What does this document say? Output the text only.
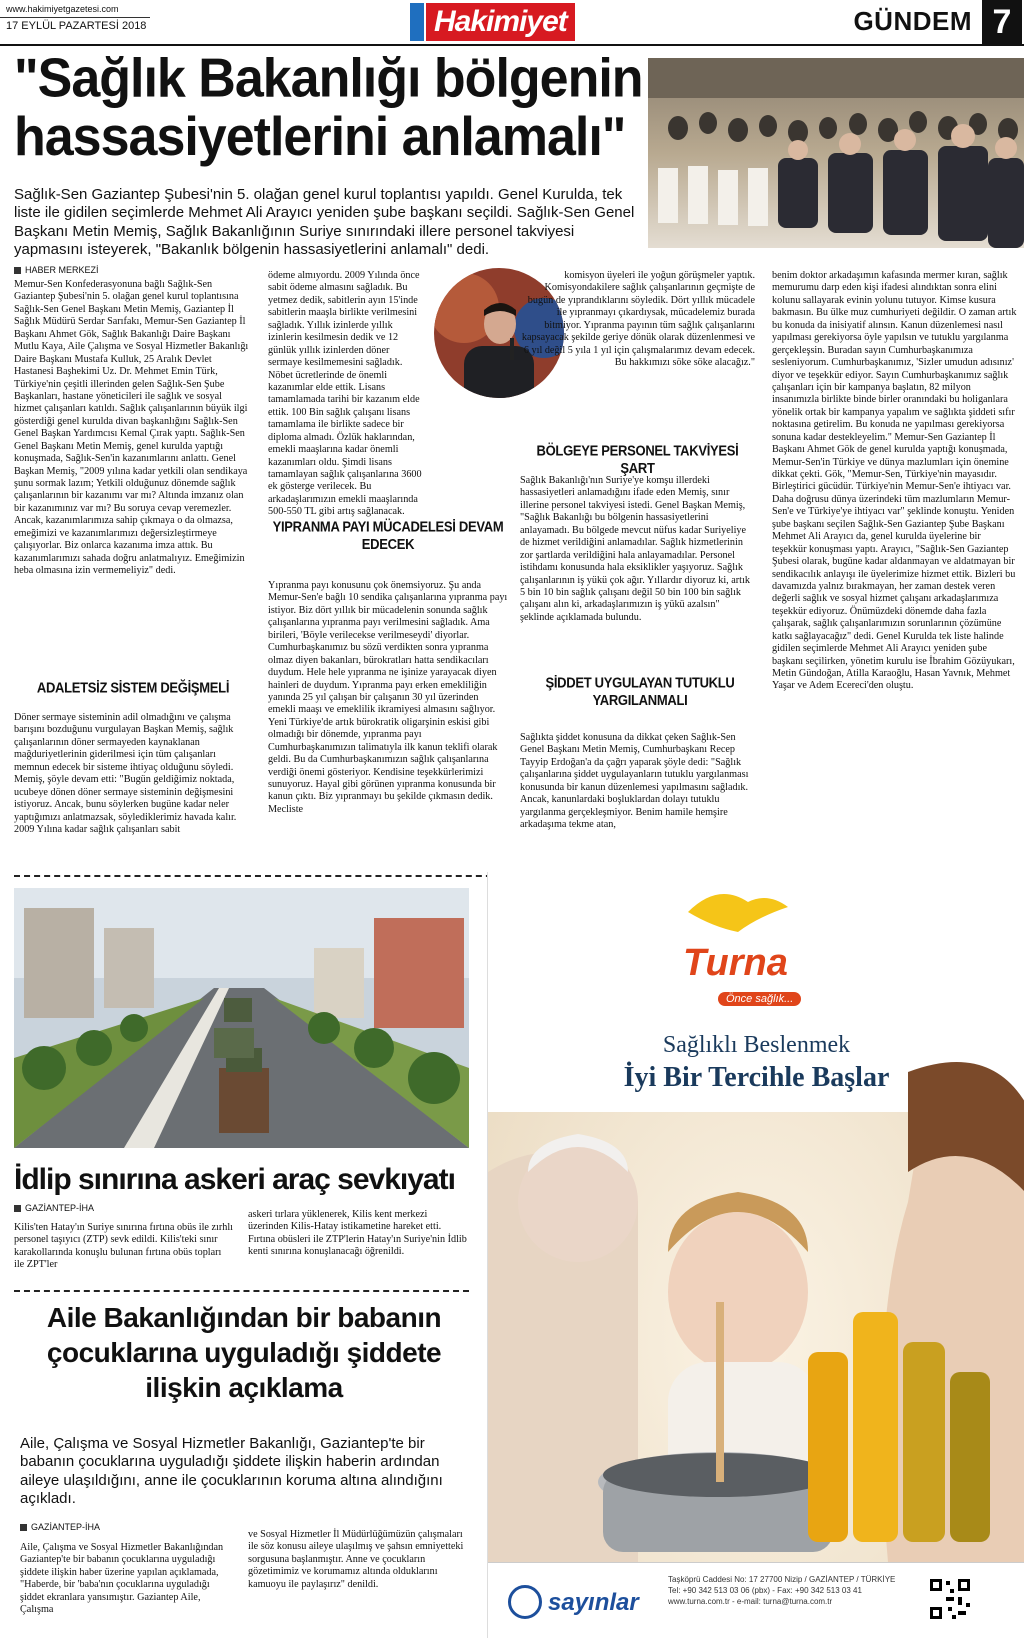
www.hakimiyetgazetesi.com
17 EYLÜL PAZARTESİ 2018	Hakimiyet	GÜNDEM 7
"Sağlık Bakanlığı bölgenin hassasiyetlerini anlamalı"
Sağlık-Sen Gaziantep Şubesi'nin 5. olağan genel kurul toplantısı yapıldı. Genel Kurulda, tek liste ile gidilen seçimlerde Mehmet Ali Arayıcı yeniden şube başkanı seçildi. Sağlık-Sen Genel Başkanı Metin Memiş, Sağlık Bakanlığının Suriye sınırındaki illere personel takviyesi yapmasını isteyerek, "Bakanlık bölgenin hassasiyetlerini anlamalı" dedi.
HABER MERKEZİ

Memur-Sen Konfederasyonuna bağlı Sağlık-Sen Gaziantep Şubesi'nin 5. olağan genel kurul toplantısına Sağlık-Sen Genel Başkanı Metin Memiş, Gaziantep İl Sağlık Müdürü Serdar Sarıfakı, Memur-Sen Gaziantep İl Başkanı Ahmet Gök, Sağlık Bakanlığı Daire Başkanı Mutlu Kaya, Aile Çalışma ve Sosyal Hizmetler Bakanlığı Daire Başkanı Mustafa Kulluk, 25 Aralık Devlet Hastanesi Başhekimi Uz. Dr. Mehmet Emin Türk, Türkiye'nin çeşitli illerinden gelen Sağlık-Sen Şube Başkanları, hastane yöneticileri ile sağlık ve sosyal hizmet çalışanları katıldı. Sağlık çalışanlarının büyük ilgi gösterdiği genel kurulda divan başkanlığını Sağlık-Sen Genel Başkan Yardımcısı Kemal Çırak yaptı. Sağlık-Sen Genel Başkanı Metin Memiş, genel kurulda yaptığı konuşmada, Sağlık-Sen'in kazanımlarını anlattı. Genel Başkan Memiş, "2009 yılına kadar yetkili olan sendikaya şunu sormak lazım; Yetkili olduğunuz dönemde sağlık çalışanlarının bir kazanımı var mı? Altında imzanız olan bir kazanımınız var mı? Bu soruya cevap veremezler. Ancak, kazanımlarımıza sahip çıkmaya o da olmazsa, emeğimizi ve kazanımlarımızı değersizleştirmeye çalışıyorlar. Biz onlarca kazanıma imza attık. Bu kazanımlarımızı sahada doğru anlatmalıyız. Emeğimizin heba olmasına izin vermemeliyiz" dedi.

ADALETSİZ SİSTEM DEĞİŞMELİ

Döner sermaye sisteminin adil olmadığını ve çalışma barışını bozduğunu vurgulayan Başkan Memiş, sağlık çalışanlarının döner sermayeden kaynaklanan mağduriyetlerinin giderilmesi için tüm çalışanları memnun edecek bir sisteme ihtiyaç olduğunu söyledi. Memiş, şöyle devam etti: "Bugün geldiğimiz noktada, ucubeye dönen döner sermaye sisteminin değişmesini istiyoruz. Ancak, bunu söylerken bugüne kadar neler yaptığımızı anlatmazsak, söylediklerimiz havada kalır. 2009 Yılına kadar sağlık çalışanları sabit

ödeme almıyordu. 2009 Yılında önce sabit ödeme almasını sağladık. Bu yetmez dedik, sabitlerin ayın 15'inde sabitlerin maaşla birlikte verilmesini sağladık. Yıllık izinlerde yıllık izinlerin kesilmesin dedik ve 12 günlük yıllık izinlerden döner sermaye kesilmemesini sağladık. Nöbet ücretlerinde de önemli kazanımlar elde ettik. Lisans tamamlamada tarihi bir kazanım elde ettik. 100 Bin sağlık çalışanı lisans tamamlama ile birlikte sadece bir diploma almadı. Özlük haklarından, emekli maaşlarına kadar önemli kazanımları oldu. Şimdi lisans tamamlayan sağlık çalışanlarına 3600 ek gösterge verilecek. Bu arkadaşlarımızın emekli maaşlarında 500-550 TL gibi artış sağlanacak.

komisyon üyeleri ile yoğun görüşmeler yaptık. Komisyondakilere sağlık çalışanlarının geçmişte de bugün de yıprandıklarını söyledik. Dört yıllık mücadele ile yıpranmayı çıkardıysak, mücadelemiz burada bitmiyor. Yıpranma payının tüm sağlık çalışanlarını kapsayacak şekilde geriye dönük olarak düzenlenmesi ve 6 yıl değil 5 yıla 1 yıl için çalışmalarımız devam edecek. Bu hakkımızı söke söke alacağız."

YIPRANMA PAYI MÜCADELESİ DEVAM EDECEK

Yıpranma payı konusunu çok önemsiyoruz. Şu anda Memur-Sen'e bağlı 10 sendika çalışanlarına yıpranma payı istiyor. Biz dört yıllık bir mücadelenin sonunda sağlık çalışanlarına yıpranma payı verilmesini sağladık. Ama birileri, 'Böyle verilecekse verilmeseydi' diyorlar. Cumhurbaşkanımız bu sözü verdikten sonra yıpranma olmaz diyen bakanları, bürokratları hatta sendikacıları duydum. Hele hele yıpranma ne işinize yarayacak diyen hainleri de duydum. Yıpranma payı erken emekliliğin yanında 25 yıl çalışan bir çalışanın 30 yıl üzerinden emekli maaşı ve emeklilik ikramiyesi almasını sağlıyor. Yeni Türkiye'de artık bürokratik oligarşinin eskisi gibi olmadığı bir dönemde, yıpranma payı Cumhurbaşkanımızın talimatıyla ilk kanun teklifi olarak geldi. Bu da Cumhurbaşkanımızın sağlık çalışanlarına verdiği önemi gösteriyor. Kendisine teşekkürlerimizi sunuyoruz. Hayal gibi görünen yıpranma konusunda bir kanun çıktı. Biz yıpranmayı bu şekilde çıkmasın dedik. Mecliste

BÖLGEYE PERSONEL TAKVİYESİ ŞART

Sağlık Bakanlığı'nın Suriye'ye komşu illerdeki hassasiyetleri anlamadığını ifade eden Memiş, sınır illerine personel takviyesi istedi. Genel Başkan Memiş, "Sağlık Bakanlığı bu bölgenin hassasiyetlerini anlayamadı. Bu bölgede mevcut nüfus kadar Suriyeliye de hizmet verildiğini anlamadılar. Sağlık hizmetlerinin zor şartlarda verildiğini hala anlayamadılar. Personel istihdamı konusunda hala eksiklikler yaşıyoruz. Sağlık çalışanlarının iş yükü çok ağır. Yıllardır diyoruz ki, artık 5 bin 10 bin sağlık çalışanı değil 50 bin 100 bin sağlık çalışanı alın ki, arkadaşlarımızın iş yükü azalsın" şeklinde açıklamada bulundu.

ŞİDDET UYGULAYAN TUTUKLU YARGILANMALI

Sağlıkta şiddet konusuna da dikkat çeken Sağlık-Sen Genel Başkanı Metin Memiş, Cumhurbaşkanı Recep Tayyip Erdoğan'a da çağrı yaparak şöyle dedi: "Sağlık çalışanlarına şiddet uygulayanların tutuklu yargılanması konusunda bir kanun düzenlemesi yapılmasını sağladık. Ancak, kanunlardaki boşluklardan dolayı tutuklu yargılanma gerçekleşmiyor. Benim hamile hemşire arkadaşıma tekme atan,

benim doktor arkadaşımın kafasında mermer kıran, sağlık memurumu darp eden kişi ifadesi alındıktan sonra elini kolunu sallayarak evinin yolunu tutuyor. Kimse kusura bakmasın. Bu ülke muz cumhuriyeti değildir. O zaman artık bu konuda da inisiyatif alınsın. Kanun düzenlemesi nasıl yapılması gerekiyorsa öyle yapılsın ve tutuklu yargılanma gerçekleşsin. Buradan sayın Cumhurbaşkanımıza sesleniyorum. Cumhurbaşkanımız, 'Sizler umudun adısınız' diyor ve teşekkür ediyor. Sayın Cumhurbaşkanımız sağlık çalışanları için bir kampanya başlatın, 82 milyon insanımızla birlikte binde birler oranındaki bu holiganlara yönelik ortak bir kampanya yapalım ve sağlıkta şiddeti sıfır noktasına getirelim. Bu konuda ne yapılması gerekiyorsa sonuna kadar destekleyelim." Memur-Sen Gaziantep İl Başkanı Ahmet Gök de genel kurulda yaptığı konuşmada, Memur-Sen'in Türkiye ve dünya mazlumları için önemine dikkat çekti. Gök, "Memur-Sen, Türkiye'nin mayasıdır. Birleştirici gücüdür. Türkiye'nin Memur-Sen'e ihtiyacı var. Daha doğrusu dünya üzerindeki tüm mazlumların Memur-Sen'e ve Türkiye'ye ihtiyacı var" şeklinde konuştu. Yeniden şube başkanı seçilen Sağlık-Sen Gaziantep Şube Başkanı Mehmet Ali Arayıcı da, genel kurulda üyelerine bir teşekkür konuşması yaptı. Arayıcı, "Sağlık-Sen Gaziantep Şubesi olarak, bugüne kadar aldanmayan ve aldatmayan bir sendikacılık anlayışı ile üyelerimize hizmet ettik. Bizleri bu davamızda yalnız bırakmayan, her zaman destek veren değerli sağlık ve sosyal hizmet çalışanı arkadaşlarımıza teşekkür ediyoruz. Önümüzdeki dönemde daha fazla çalışarak, sağlık çalışanlarımızın sorunlarının çözümüne katkı sağlayacağız" dedi. Genel Kurulda tek liste halinde gidilen seçimlerde Mehmet Ali Arayıcı yeniden şube başkanı seçilirken, yönetim kurulu ise İbrahim Gözüyukarı, Metin Gündoğan, Atilla Karaoğlu, Hasan Yavnık, Mehmet Yaşar ve Adem Ecereci'den oluştu.

İdlip sınırına askeri araç sevkıyatı
GAZİANTEP-İHA

Kilis'ten Hatay'ın Suriye sınırına fırtına obüs ile zırhlı personel taşıyıcı (ZTP) sevk edildi. Kilis'teki sınır karakollarında konuşlu bulunan fırtına obüs topları ile ZPT'ler

askeri tırlara yüklenerek, Kilis kent merkezi üzerinden Kilis-Hatay istikametine hareket etti. Fırtına obüsleri ile ZTP'lerin Hatay'ın Suriye'nin İdlib kenti sınırına konuşlanacağı öğrenildi.

Aile Bakanlığından bir babanın çocuklarına uyguladığı şiddete ilişkin açıklama
Aile, Çalışma ve Sosyal Hizmetler Bakanlığı, Gaziantep'te bir babanın çocuklarına uyguladığı şiddete ilişkin haberin ardından aileye ulaşıldığını, anne ile çocuklarının koruma altına alındığını açıkladı.
GAZİANTEP-İHA

Aile, Çalışma ve Sosyal Hizmetler Bakanlığından Gaziantep'te bir babanın çocuklarına uyguladığı şiddete ilişkin haber üzerine yapılan açıklamada, "Haberde, bir 'baba'nın çocuklarına uyguladığı şiddet ekranlara yansımıştır. Gaziantep Aile, Çalışma

ve Sosyal Hizmetler İl Müdürlüğümüzün çalışmaları ile söz konusu aileye ulaşılmış ve şahsın emniyetteki sorgusuna başlanmıştır. Anne ve çocukların gözetimimiz ve korumamız altında olduklarını kamuoyu ile paylaşırız" denildi.

Turna
Önce sağlık...
Sağlıklı Beslenmek
İyi Bir Tercihle Başlar
sayınlar
Taşköprü Caddesi No: 17 27700 Nizip / GAZİANTEP / TÜRKİYE
Tel: +90 342 513 03 06 (pbx) - Fax: +90 342 513 03 41
www.turna.com.tr - e-mail: turna@turna.com.tr
